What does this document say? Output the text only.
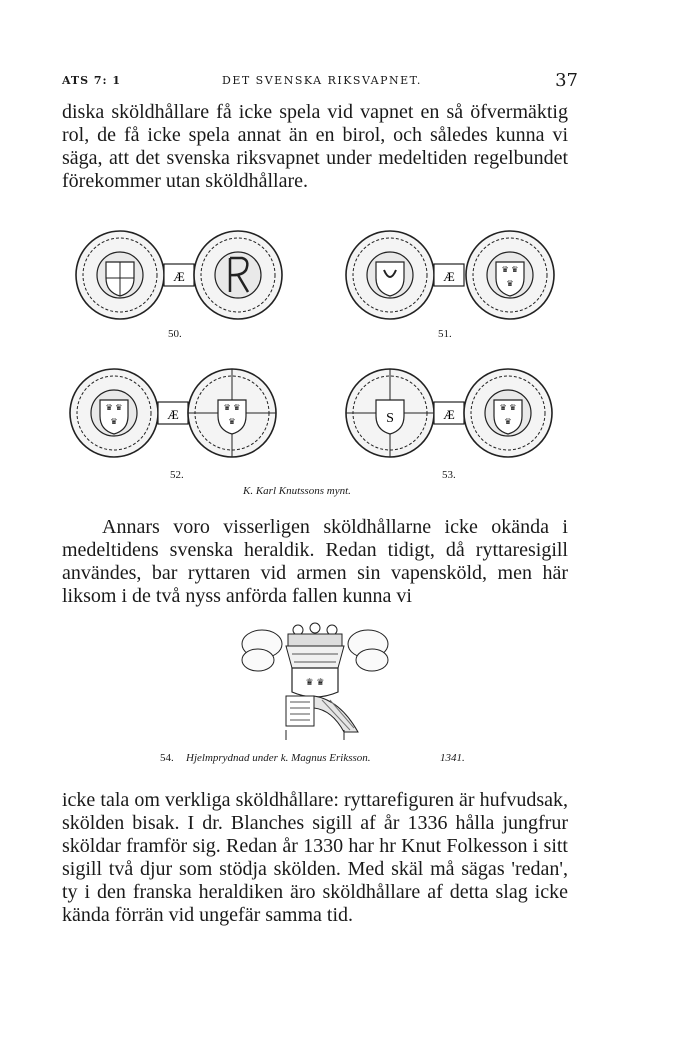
ATS 7: 1	DET SVENSKA RIKSVAPNET.	37

diska sköldhållare få icke spela vid vapnet en så öfvermäktig rol, de få icke spela annat än en birol, och således kunna vi säga, att det svenska riksvapnet under medeltiden regelbundet förekommer utan sköldhållare.

Æ
50.
Æ	♛ ♛
♛
51.
♛ ♛
♛	Æ	♛ ♛
♛
52.
S	Æ	♛ ♛
♛
53.
K. Karl Knutssons mynt.

Annars voro visserligen sköldhållarne icke okända i medeltidens svenska heraldik. Redan tidigt, då ryttaresigill användes, bar ryttaren vid armen sin vapensköld, men här liksom i de två nyss anförda fallen kunna vi

♛ ♛
54. Hjelmprydnad under k. Magnus Eriksson.	1341.

icke tala om verkliga sköldhållare: ryttarefiguren är hufvudsak, skölden bisak. I dr. Blanches sigill af år 1336 hålla jungfrur sköldar framför sig. Redan år 1330 har hr Knut Folkesson i sitt sigill två djur som stödja skölden. Med skäl må sägas 'redan', ty i den franska heraldiken äro sköldhållare af detta slag icke kända förrän vid ungefär samma tid.
